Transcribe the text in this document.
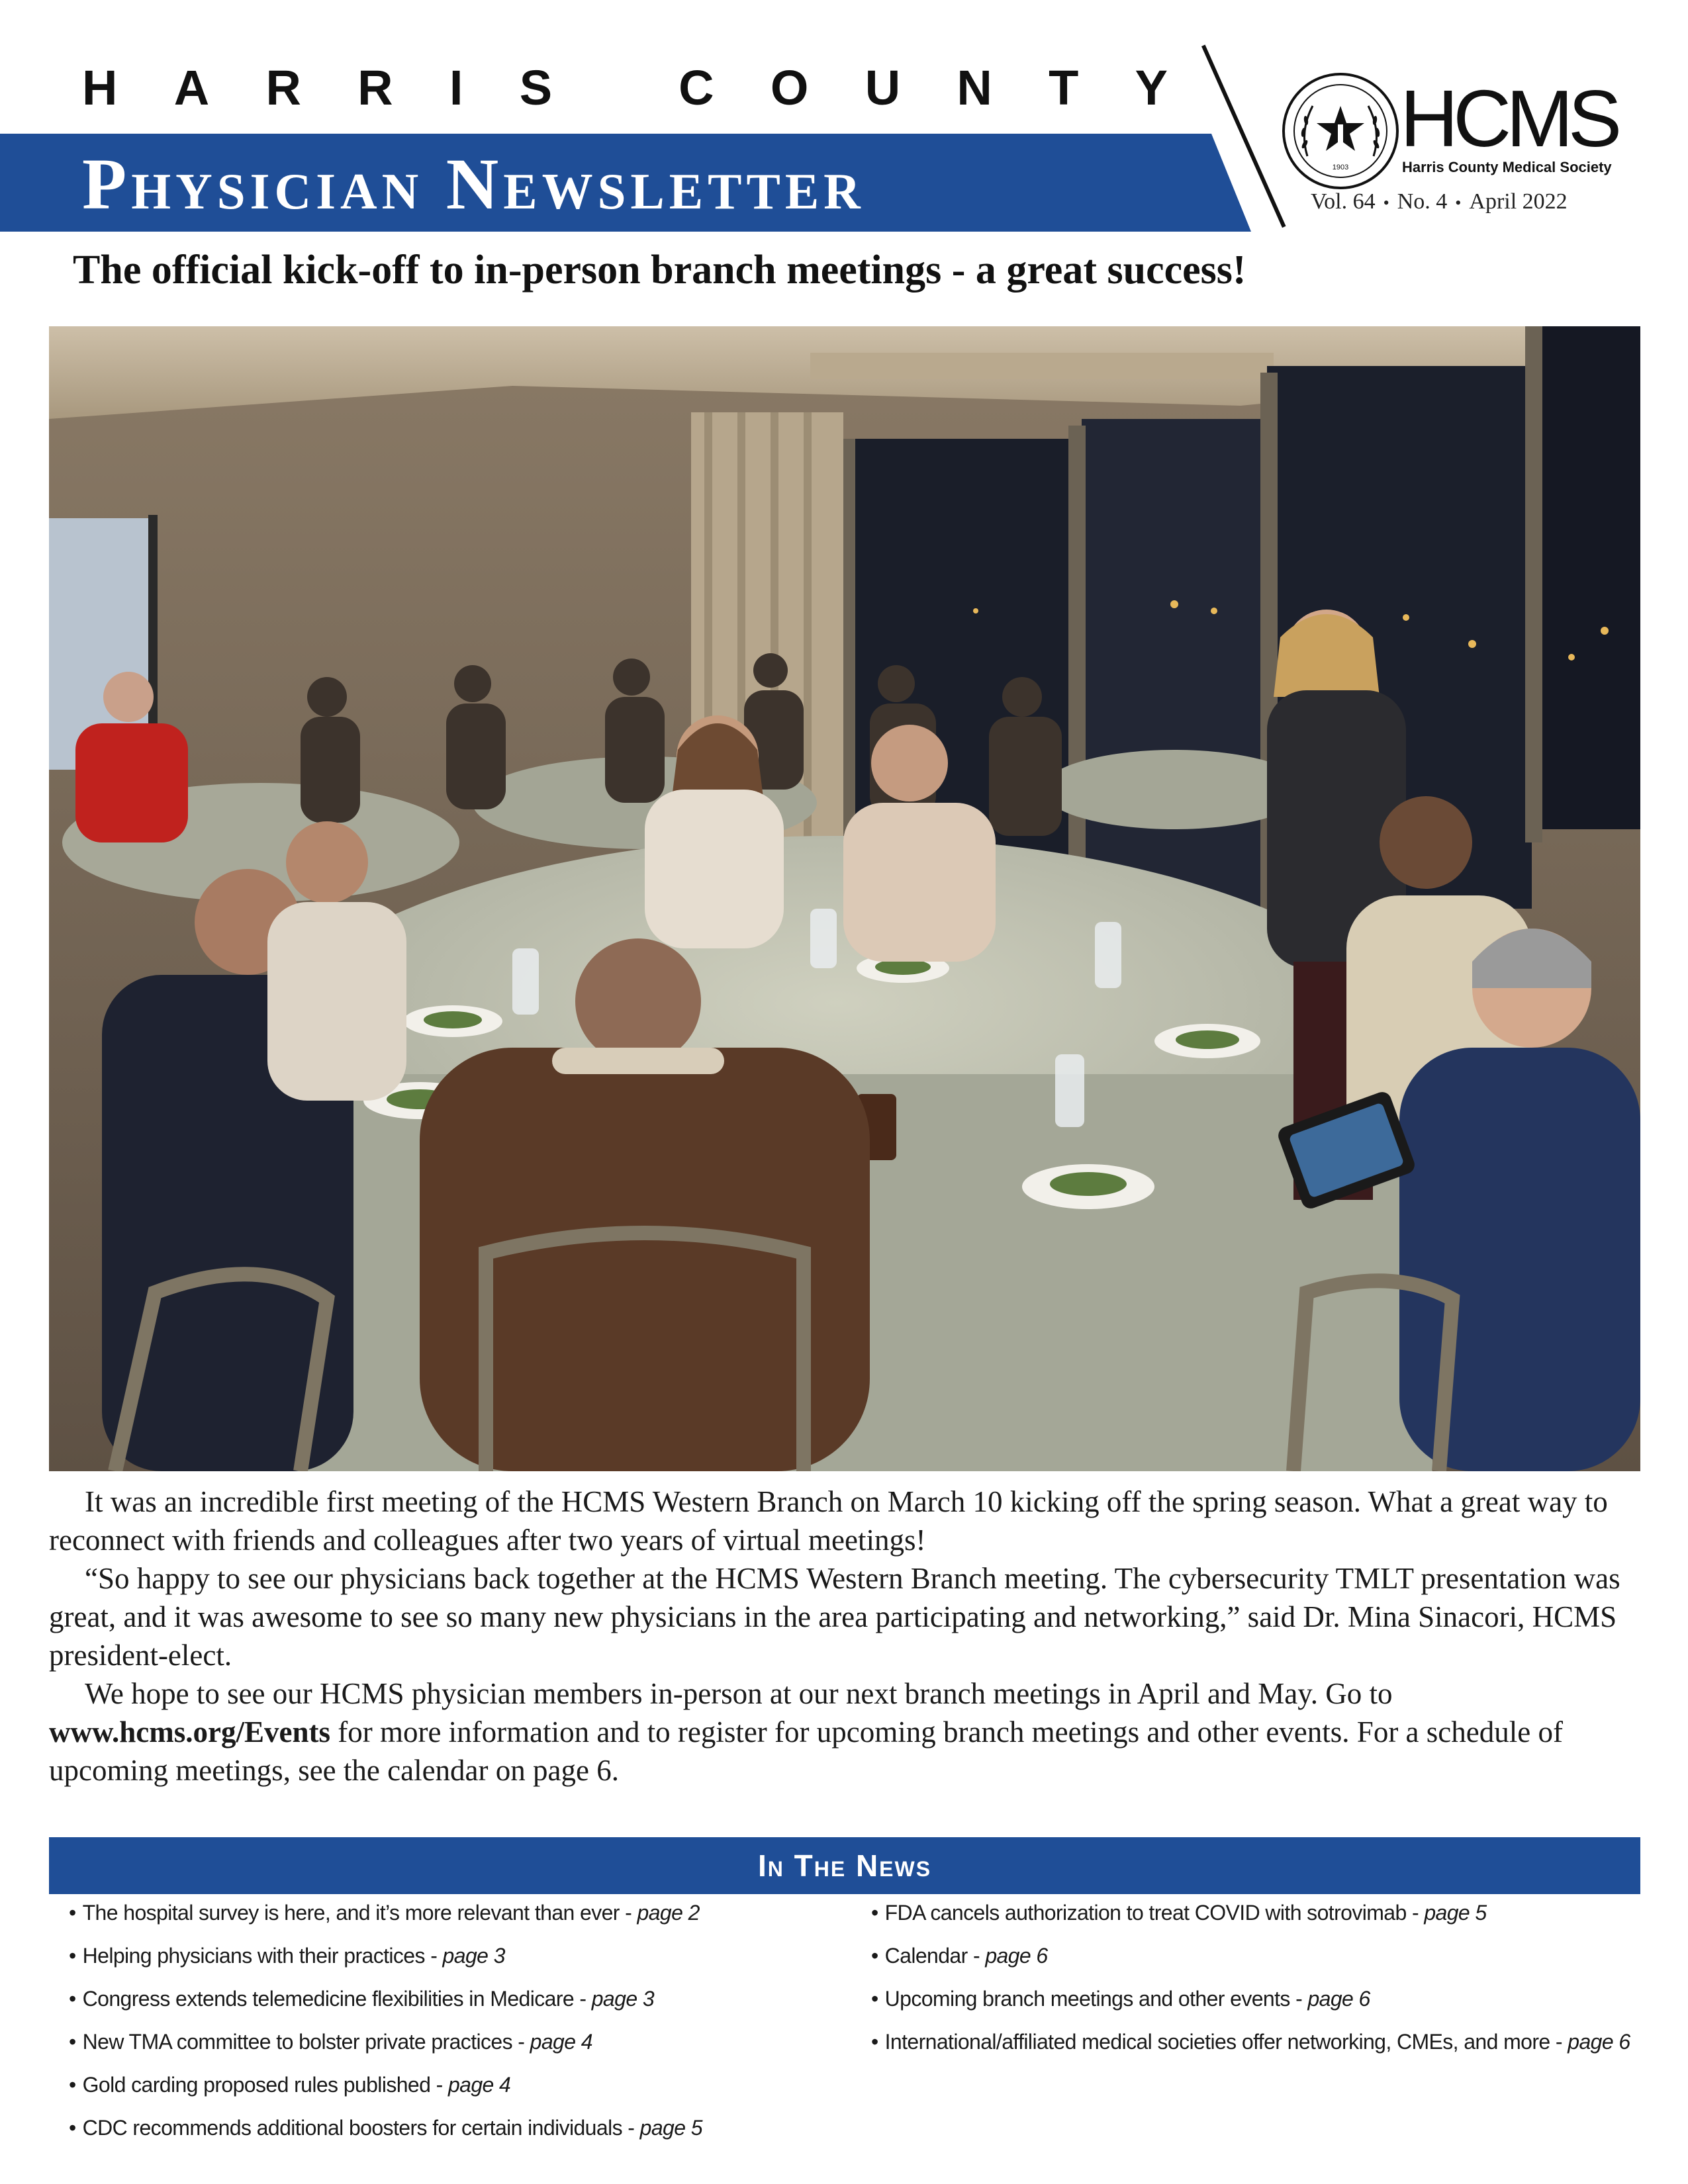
H A R R I S
	C O U N T Y
Physician Newsletter	1903
HCMS
Harris County Medical Society
Vol. 64 • No. 4 • April 2022
The official kick-off to in-person branch meetings - a great success!

It was an incredible first meeting of the HCMS Western Branch on March 10 kicking off the spring season. What a great way to reconnect with friends and colleagues after two years of virtual meetings!

“So happy to see our physicians back together at the HCMS Western Branch meeting. The cybersecurity TMLT presentation was great, and it was awesome to see so many new physicians in the area participating and networking,” said Dr. Mina Sinacori, HCMS president-elect.

We hope to see our HCMS physician members in-person at our next branch meetings in April and May. Go to www.hcms.org/Events for more information and to register for upcoming branch meetings and other events. For a schedule of upcoming meetings, see the calendar on page 6.

In The News
• The hospital survey is here, and it’s more relevant than ever - page 2
• Helping physicians with their practices - page 3
• Congress extends telemedicine flexibilities in Medicare - page 3
• New TMA committee to bolster private practices - page 4
• Gold carding proposed rules published - page 4
• CDC recommends additional boosters for certain individuals - page 5
• FDA cancels authorization to treat COVID with sotrovimab - page 5
• Calendar - page 6
• Upcoming branch meetings and other events - page 6
• International/affiliated medical societies offer networking, CMEs, and more - page 6
